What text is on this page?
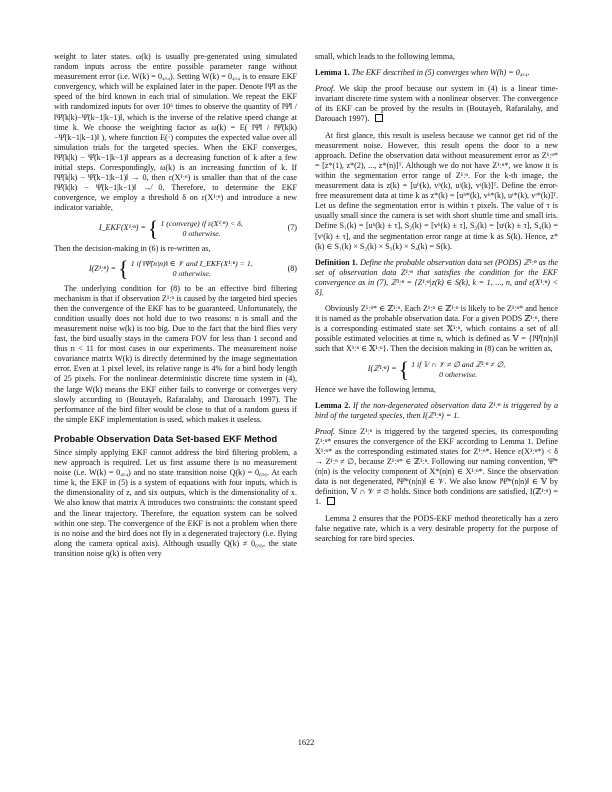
weight to later states. ω(k) is usually pre-generated using simulated random inputs across the entire possible parameter range without measurement error (i.e. W(k) = 0₄ₓ₄). Setting W(k) = 0₄ₓ₄ is to ensure EKF convergency, which will be explained later in the paper. Denote ‖Ψ̇‖ as the speed of the bird known in each trial of simulation. We repeat the EKF with randomized inputs for over 10⁶ times to observe the quantity of ‖Ψ̇‖ / ‖Ψ̂(k|k)−Ψ̂(k−1|k−1)‖, which is the inverse of the relative speed change at time k. We choose the weighting factor as ω(k) = E( ‖Ψ̇‖ / ‖Ψ̂(k|k)−Ψ̂(k−1|k−1)‖ ), where function E(·) computes the expected value over all simulation trials for the targeted species. When the EKF converges, ‖Ψ̂(k|k) − Ψ̂(k−1|k−1)‖ appears as a decreasing function of k after a few initial steps. Correspondingly, ω(k) is an increasing function of k. If ‖Ψ̂(k|k) − Ψ̂(k−1|k−1)‖ → 0, then ε(X¹ːⁿ) is smaller than that of the case ‖Ψ̂(k|k) − Ψ̂(k−1|k−1)‖ ↛ 0. Therefore, to determine the EKF convergence, we employ a threshold δ on ε(X¹ːⁿ) and introduce a new indicator variable,

I_EKF(X¹ːⁿ) = { 1 (converge) if ε(X¹ːⁿ) < δ,
0 otherwise.
(7)

Then the decision-making in (6) is re-written as,

I(Z¹ːⁿ) = { 1 if ‖Ψ̂(n|n)‖ ∈ 𝒱 and I_EKF(X¹ːⁿ) = 1,
0 otherwise.
(8)

The underlying condition for (8) to be an effective bird filtering mechanism is that if observation Z¹ːⁿ is caused by the targeted bird species then the convergence of the EKF has to be guaranteed. Unfortunately, the condition usually does not hold due to two reasons: n is small and the measurement noise w(k) is too big. Due to the fact that the bird flies very fast, the bird usually stays in the camera FOV for less than 1 second and thus n < 11 for most cases in our experiments. The measurement noise covariance matrix W(k) is directly determined by the image segmentation error. Even at 1 pixel level, its relative range is 4% for a bird body length of 25 pixels. For the nonlinear deterministic discrete time system in (4), the large W(k) means the EKF either fails to converge or converges very slowly according to (Boutayeb, Rafaralahy, and Darouach 1997). The performance of the bird filter would be close to that of a random guess if the simple EKF implementation is used, which makes it useless.

Probable Observation Data Set-based EKF Method

Since simply applying EKF cannot address the bird filtering problem, a new approach is required. Let us first assume there is no measurement noise (i.e. W(k) = 0₄ₓ₄) and no state transition noise Q(k) = 0₆ₓ₆. At each time k, the EKF in (5) is a system of equations with four inputs, which is the dimensionality of z, and six outputs, which is the dimensionality of x. We also know that matrix A introduces two constraints: the constant speed and the linear trajectory. Therefore, the equation system can be solved within one step. The convergence of the EKF is not a problem when there is no noise and the bird does not fly in a degenerated trajectory (i.e. flying along the camera optical axis). Although usually Q(k) ≠ 0₆ₓ₆, the state transition noise q(k) is often very

small, which leads to the following lemma,

Lemma 1. The EKF described in (5) converges when W(h) = 0₄ₓ₄.

Proof. We skip the proof because our system in (4) is a linear time-invariant discrete time system with a nonlinear observer. The convergence of its EKF can be proved by the results in (Boutayeb, Rafaralahy, and Darouach 1997).

At first glance, this result is useless because we cannot get rid of the measurement noise. However, this result opens the door to a new approach. Define the observation data without measurement error as Z¹ːⁿ* = [z*(1), z*(2), ..., z*(n)]ᵀ. Although we do not have Z¹ːⁿ*, we know it is within the segmentation error range of Z¹ːⁿ. For the k-th image, the measurement data is z(k) = [uʰ(k), vʰ(k), uᵗ(k), vᵗ(k)]ᵀ. Define the error-free measurement data at time k as z*(k) = [uʰ*(k), vʰ*(k), uᵗ*(k), vᵗ*(k)]ᵀ. Let us define the segmentation error is within τ pixels. The value of τ is usually small since the camera is set with short shuttle time and small iris. Define S₁(k) = [uʰ(k) ± τ], S₂(k) = [vʰ(k) ± τ], S₃(k) = [uᵗ(k) ± τ], S₄(k) = [vᵗ(k) ± τ], and the segmentation error range at time k as S(k). Hence, z*(k) ∈ S₁(k) × S₂(k) × S₃(k) × S₄(k) = S(k).

Definition 1. Define the probable observation data set (PODS) ℤ¹ːⁿ as the set of observation data Z¹ːⁿ that satisfies the condition for the EKF convergence as in (7), ℤ¹ːⁿ = {Z¹ːⁿ|z(k) ∈ S(k), k = 1, ..., n, and ε(X¹ːⁿ) < δ}.

Obviously Z¹ːⁿ* ∈ ℤ¹ːⁿ. Each Z¹ːⁿ ∈ ℤ¹ːⁿ is likely to be Z¹ːⁿ* and hence it is named as the probable observation data. For a given PODS ℤ¹ːⁿ, there is a corresponding estimated state set 𝕏¹ːⁿ, which contains a set of all possible estimated velocities at time n, which is defined as 𝕍 = {‖Ψ̂(n|n)‖ such that X¹ːⁿ ∈ 𝕏¹ːⁿ}. Then the decision making in (8) can be written as,

I(ℤ¹ːⁿ) = { 1 if 𝕍 ∩ 𝒱 ≠ ∅ and ℤ¹ːⁿ ≠ ∅,
0 otherwise.

Hence we have the following lemma,

Lemma 2. If the non-degenerated observation data Z¹ːⁿ is triggered by a bird of the targeted species, then I(ℤ¹ːⁿ) = 1.

Proof. Since Z¹ːⁿ is triggered by the targeted species, its corresponding Z¹ːⁿ* ensures the convergence of the EKF according to Lemma 1. Define X¹ːⁿ* as the corresponding estimated states for Z¹ːⁿ*. Hence ε(X¹ːⁿ*) < δ → Z¹ːⁿ ≠ ∅, because Z¹ːⁿ* ∈ ℤ¹ːⁿ. Following our naming convention, Ψ̂*(n|n) is the velocity component of X*(n|n) ∈ X¹ːⁿ*. Since the observation data is not degenerated, ‖Ψ̂*(n|n)‖ ∈ 𝒱. We also know ‖Ψ̂*(n|n)‖ ∈ 𝕍 by definition, 𝕍 ∩ 𝒱 ≠ ∅ holds. Since both conditions are satisfied, I(ℤ¹ːⁿ) = 1.

Lemma 2 ensures that the PODS-EKF method theoretically has a zero false negative rate, which is a very desirable property for the purpose of searching for rare bird species.

1622
